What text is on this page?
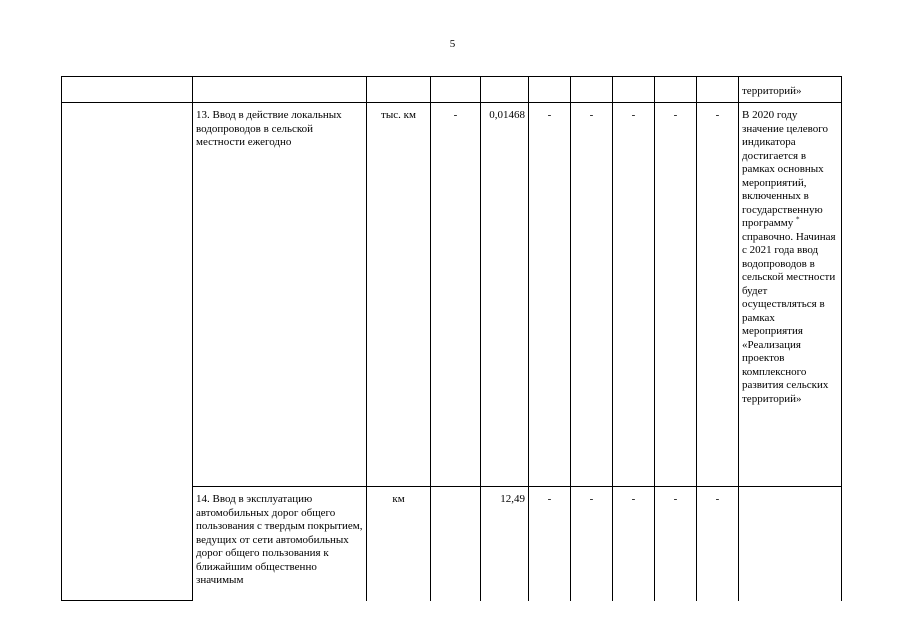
5
										территорий»
	13. Ввод в действие локальных водопроводов в сельской местности ежегодно	тыс. км	-	0,01468	-	-	-	-	-	В 2020 году значение целевого индикатора достигается в рамках основных мероприятий, включенных в государственную программу * справочно. Начиная с 2021 года ввод водопроводов в сельской местности будет осуществляться в рамках мероприятия «Реализация проектов комплексного развития сельских территорий»
	14. Ввод в эксплуатацию автомобильных дорог общего пользования с твердым покрытием, ведущих от сети автомобильных дорог общего пользования к ближайшим общественно значимым	км		12,49	-	-	-	-	-	
